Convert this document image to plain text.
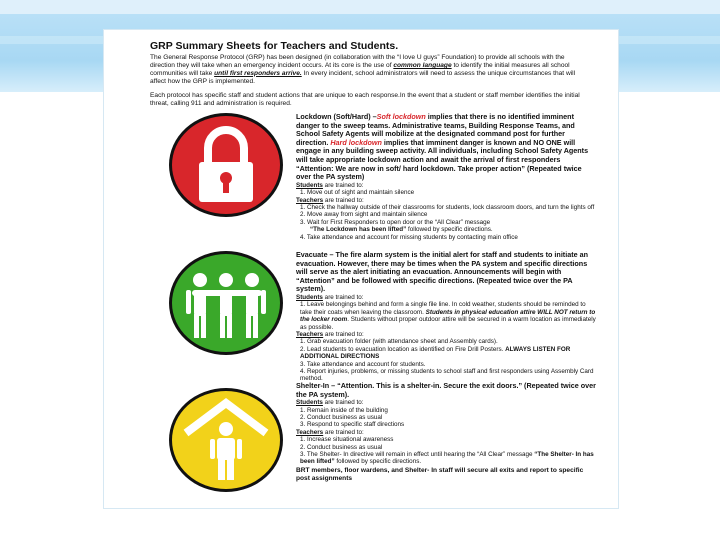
GRP Summary Sheets for Teachers and Students.

The General Response Protocol (GRP) has been designed (in collaboration with the “I love U guys” Foundation) to provide all schools with the direction they will take when an emergency incident occurs. At its core is the use of common language to identify the initial measures all school communities will take until first responders arrive. In every incident, school administrators will need to assess the unique circumstances that will affect how the GRP is implemented.

Each protocol has specific staff and student actions that are unique to each response.In the event that a student or staff member identifies the initial threat, calling 911 and administration is required.

Lockdown (Soft/Hard) –Soft lockdown implies that there is no identified imminent danger to the sweep teams. Administrative teams, Building Response Teams, and School Safety Agents will mobilize at the designated command post for further direction. Hard lockdown implies that imminent danger is known and NO ONE will engage in any building sweep activity. All individuals, including School Safety Agents will take appropriate lockdown action and await the arrival of first responders

“Attention: We are now in soft/ hard lockdown. Take proper action” (Repeated twice over the PA system)

Students are trained to:

1. Move out of sight and maintain silence

Teachers are trained to:

1. Check the hallway outside of their classrooms for students, lock classroom doors, and turn the lights off

2. Move away from sight and maintain silence

3. Wait for First Responders to open door or the “All Clear” message

“The Lockdown has been lifted” followed by specific directions.

4. Take attendance and account for missing students by contacting main office

Evacuate – The fire alarm system is the initial alert for staff and students to initiate an evacuation. However, there may be times when the PA system and specific directions will serve as the alert initiating an evacuation. Announcements will begin with “Attention” and be followed with specific directions. (Repeated twice over the PA system).

Students are trained to:

1. Leave belongings behind and form a single file line. In cold weather, students should be reminded to take their coats when leaving the classroom. Students in physical education attire WILL NOT return to the locker room. Students without proper outdoor attire will be secured in a warm location as immediately as possible.

Teachers are trained to:

1. Grab evacuation folder (with attendance sheet and Assembly cards).

2. Lead students to evacuation location as identified on Fire Drill Posters. ALWAYS LISTEN FOR ADDITIONAL DIRECTIONS

3. Take attendance and account for students.

4. Report injuries, problems, or missing students to school staff and first responders using Assembly Card method.

Shelter-In – “Attention. This is a shelter-in. Secure the exit doors.” (Repeated twice over the PA system).

Students are trained to:

1. Remain inside of the building

2. Conduct business as usual

3. Respond to specific staff directions

Teachers are trained to:

1. Increase situational awareness

2. Conduct business as usual

3. The Shelter- In directive will remain in effect until hearing the “All Clear” message “The Shelter- In has been lifted” followed by specific directions.

BRT members, floor wardens, and Shelter- In staff will secure all exits and report to specific post assignments
